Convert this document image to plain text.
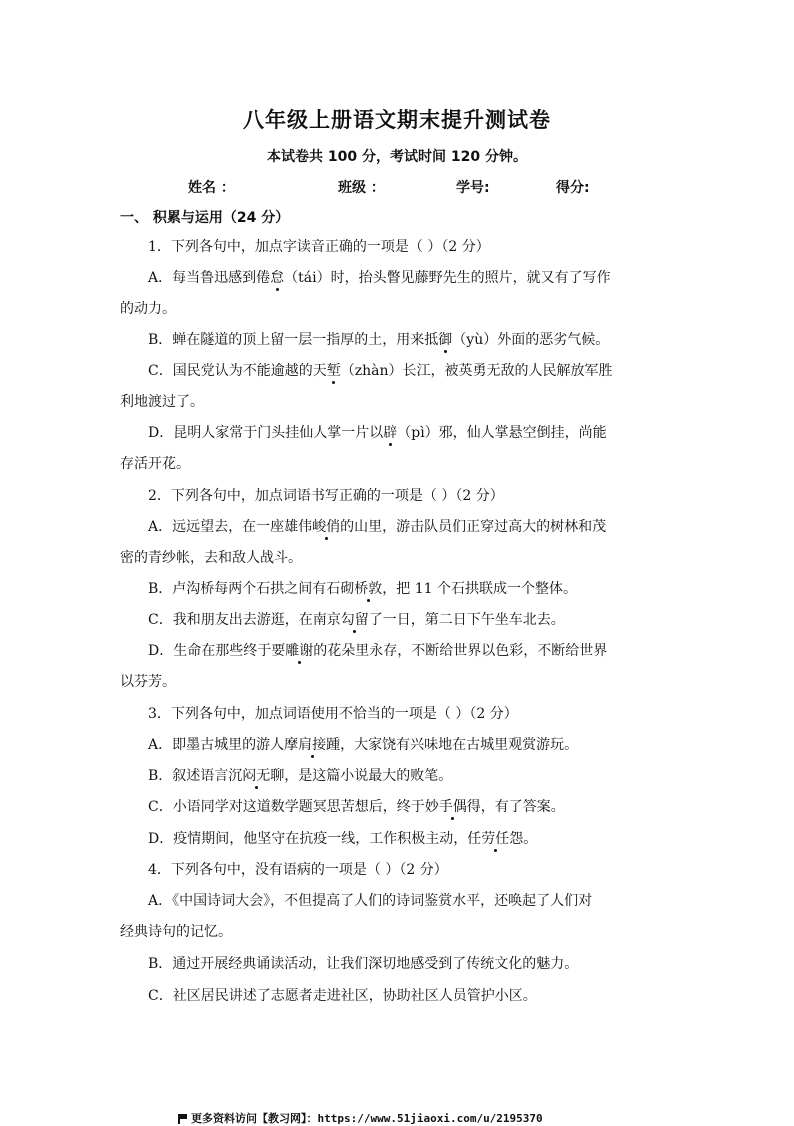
八年级上册语文期末提升测试卷
本试卷共 100 分，考试时间 120 分钟。
姓名 ：	班级 ：	学号:	得分:
一、 积累与运用（24 分）
1．下列各句中，加点字读音正确的一项是（ ）（2 分）
A．每当鲁迅感到倦怠（tái）时，抬头瞥见藤野先生的照片，就又有了写作
的动力。
B．蝉在隧道的顶上留一层一指厚的土，用来抵御（yù）外面的恶劣气候。
C．国民党认为不能逾越的天堑（zhàn）长江，被英勇无敌的人民解放军胜
利地渡过了。
D．昆明人家常于门头挂仙人掌一片以辟（pì）邪，仙人掌悬空倒挂，尚能
存活开花。
2．下列各句中，加点词语书写正确的一项是（ ）（2 分）
A．远远望去，在一座雄伟峻俏的山里，游击队员们正穿过高大的树林和茂
密的青纱帐，去和敌人战斗。
B．卢沟桥每两个石拱之间有石砌桥敦，把 11 个石拱联成一个整体。
C．我和朋友出去游逛，在南京勾留了一日，第二日下午坐车北去。
D．生命在那些终于要雕谢的花朵里永存，不断给世界以色彩，不断给世界
以芬芳。
3．下列各句中，加点词语使用不恰当的一项是（ ）（2 分）
A．即墨古城里的游人摩肩接踵，大家饶有兴味地在古城里观赏游玩。
B．叙述语言沉闷无聊，是这篇小说最大的败笔。
C．小语同学对这道数学题冥思苦想后，终于妙手偶得，有了答案。
D．疫情期间，他坚守在抗疫一线，工作积极主动，任劳任怨。
4．下列各句中，没有语病的一项是（ ）（2 分）
A．《中国诗词大会》，不但提高了人们的诗词鉴赏水平，还唤起了人们对
经典诗句的记忆。
B．通过开展经典诵读活动，让我们深切地感受到了传统文化的魅力。
C．社区居民讲述了志愿者走进社区，协助社区人员管护小区。
更多资料访问【教习网】：https://www.51jiaoxi.com/u/2195370
